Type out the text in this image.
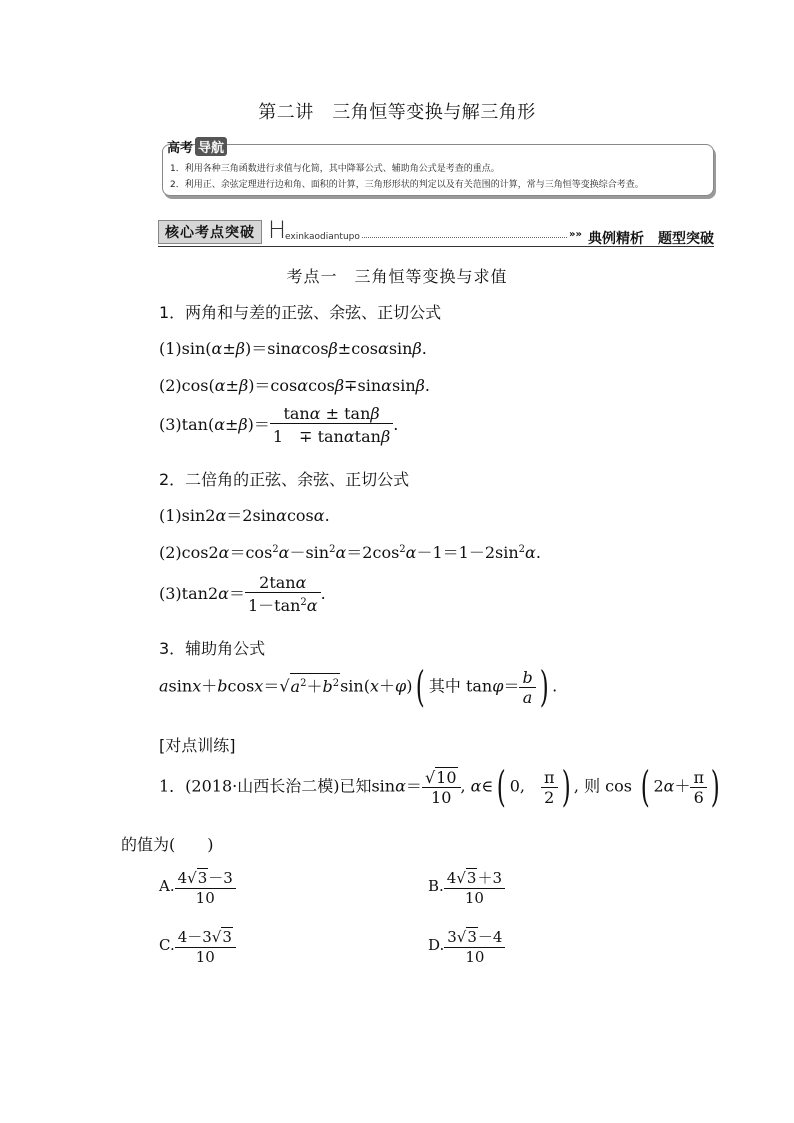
第二讲　三角恒等变换与解三角形
高考 导航
1．利用各种三角函数进行求值与化简，其中降幂公式、辅助角公式是考查的重点。
2．利用正、余弦定理进行边和角、面积的计算，三角形形状的判定以及有关范围的计算，常与三角恒等变换综合考查。
核心考点突破 H
exinkaodiantupo	»» 典例精析　题型突破
考点一　三角恒等变换与求值
1．两角和与差的正弦、余弦、正切公式
(1)sin(α±β)＝sinαcosβ±cosαsinβ.
(2)cos(α±β)＝cosαcosβ∓sinαsinβ.
$(3)\tan(\alpha\pm\beta)= \frac{\tan\alpha \pm \tan\beta}{1 \mp \tan\alpha\tan\beta}$ .
2．二倍角的正弦、余弦、正切公式
(1)sin2α＝2sinαcosα.
$(2)\cos 2\alpha=\cos^2\alpha-\sin^2\alpha=2\cos^2\alpha-1=1-2\sin^2\alpha$.
$(3)\tan 2\alpha= \frac{2\tan\alpha}{1-\tan^2\alpha}$ .
3．辅助角公式
$asinx+bcosx=√a^2+b^2\sin(x+\varphi)$( 其中 $\tan\varphi= \frac{b}{a}$ ) .
[对点训练]
1．(2018·山西长治二模)已知$\sin\alpha= \frac{√10}{10}$ , α∈( 0,　 $\frac{\pi}{2}$ ) , 则 cos ( $2\alpha+ \frac{\pi}{6}$ )
的值为(　　)
A. $\frac{4√3-3}{10}$	B. $\frac{4√3+3}{10}$
C. $\frac{4-3√3}{10}$	D. $\frac{3√3-4}{10}$
